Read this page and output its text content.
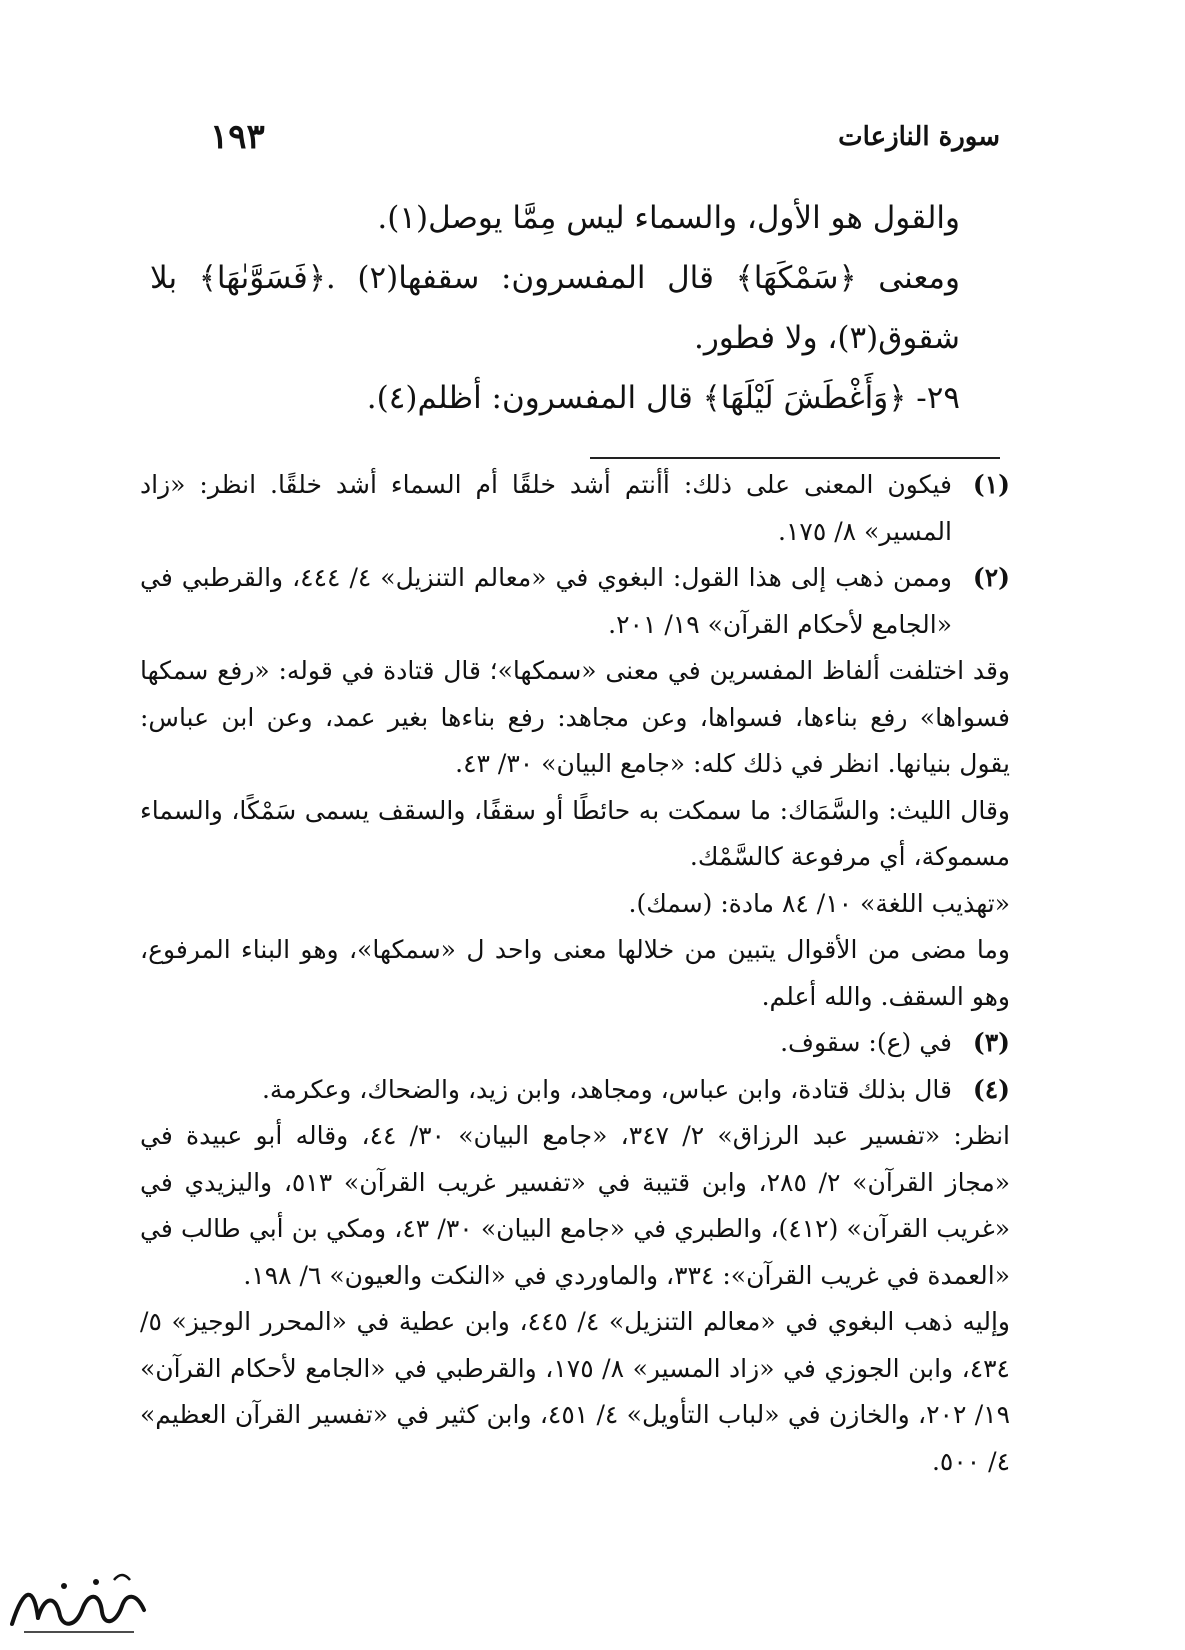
سورة النازعات
١٩٣

والقول هو الأول، والسماء ليس مِمَّا يوصل(١).

ومعنى ﴿سَمْكَهَا﴾ قال المفسرون: سقفها(٢) .﴿فَسَوَّىٰهَا﴾ بلا شقوق(٣)، ولا فطور.

٢٩- ﴿وَأَغْطَشَ لَيْلَهَا﴾ قال المفسرون: أظلم(٤).

(١)
فيكون المعنى على ذلك: أأنتم أشد خلقًا أم السماء أشد خلقًا. انظر: «زاد المسير» ٨/ ١٧٥.
(٢)
وممن ذهب إلى هذا القول: البغوي في «معالم التنزيل» ٤/ ٤٤٤، والقرطبي في «الجامع لأحكام القرآن» ١٩/ ٢٠١.

وقد اختلفت ألفاظ المفسرين في معنى «سمكها»؛ قال قتادة في قوله: «رفع سمكها فسواها» رفع بناءها، فسواها، وعن مجاهد: رفع بناءها بغير عمد، وعن ابن عباس: يقول بنيانها. انظر في ذلك كله: «جامع البيان» ٣٠/ ٤٣.

وقال الليث: والسَّمَاك: ما سمكت به حائطًا أو سقفًا، والسقف يسمى سَمْكًا، والسماء مسموكة، أي مرفوعة كالسَّمْك.

«تهذيب اللغة» ١٠/ ٨٤ مادة: (سمك).

وما مضى من الأقوال يتبين من خلالها معنى واحد ل «سمكها»، وهو البناء المرفوع، وهو السقف. والله أعلم.

(٣)
في (ع): سقوف.
(٤)
قال بذلك قتادة، وابن عباس، ومجاهد، وابن زيد، والضحاك، وعكرمة.

انظر: «تفسير عبد الرزاق» ٢/ ٣٤٧، «جامع البيان» ٣٠/ ٤٤، وقاله أبو عبيدة في «مجاز القرآن» ٢/ ٢٨٥، وابن قتيبة في «تفسير غريب القرآن» ٥١٣، واليزيدي في «غريب القرآن» (٤١٢)، والطبري في «جامع البيان» ٣٠/ ٤٣، ومكي بن أبي طالب في «العمدة في غريب القرآن»: ٣٣٤، والماوردي في «النكت والعيون» ٦/ ١٩٨.

وإليه ذهب البغوي في «معالم التنزيل» ٤/ ٤٤٥، وابن عطية في «المحرر الوجيز» ٥/ ٤٣٤، وابن الجوزي في «زاد المسير» ٨/ ١٧٥، والقرطبي في «الجامع لأحكام القرآن» ١٩/ ٢٠٢، والخازن في «لباب التأويل» ٤/ ٤٥١، وابن كثير في «تفسير القرآن العظيم» ٤/ ٥٠٠.
